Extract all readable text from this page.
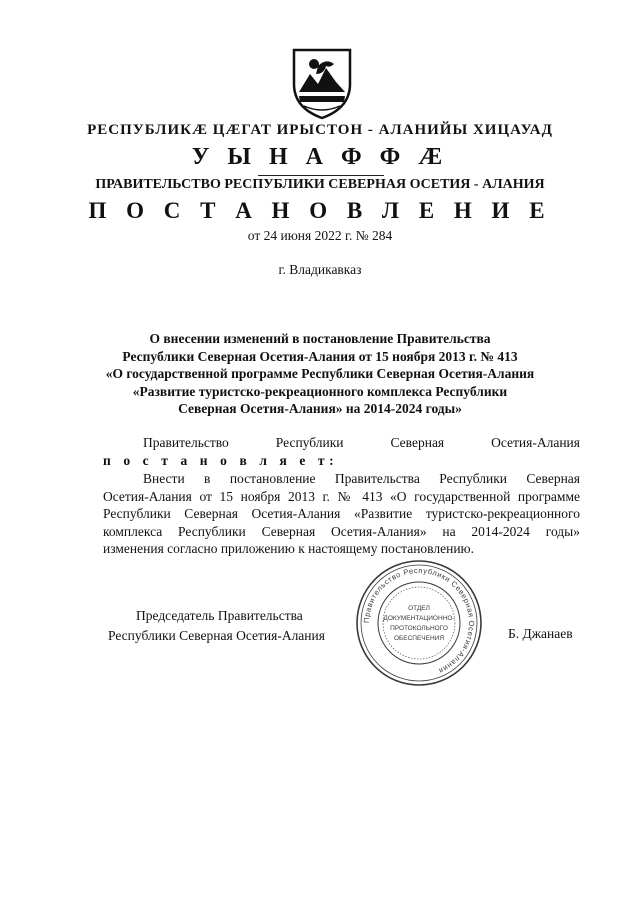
РЕСПУБЛИКÆ ЦÆГАТ ИРЫСТОН - АЛАНИЙЫ ХИЦАУАД
У Ы Н А Ф Ф Æ
ПРАВИТЕЛЬСТВО РЕСПУБЛИКИ СЕВЕРНАЯ ОСЕТИЯ - АЛАНИЯ
П О С Т А Н О В Л Е Н И Е
от 24 июня 2022 г. № 284
г. Владикавказ
О внесении изменений в постановление Правительства
Республики Северная Осетия-Алания от 15 ноября 2013 г. № 413
«О государственной программе Республики Северная Осетия-Алания
«Развитие туристско-рекреационного комплекса Республики
Северная Осетия-Алания» на 2014-2024 годы»
Правительство	Республики	Северная	Осетия-Алания
п о с т а н о в л я е т:
Внести в постановление Правительства Республики Северная
Осетия-Алания от 15 ноября 2013 г. № 413 «О государственной программе
Республики Северная Осетия-Алания «Развитие туристско-рекреационного
комплекса Республики Северная Осетия-Алания» на 2014-2024 годы»
изменения согласно приложению к настоящему постановлению.
Председатель Правительства
Республики Северная Осетия-Алания
Правительство Республики Северная Осетия-Алания
ОТДЕЛ
ДОКУМЕНТАЦИОННО-
ПРОТОКОЛЬНОГО
ОБЕСПЕЧЕНИЯ	Б. Джанаев
